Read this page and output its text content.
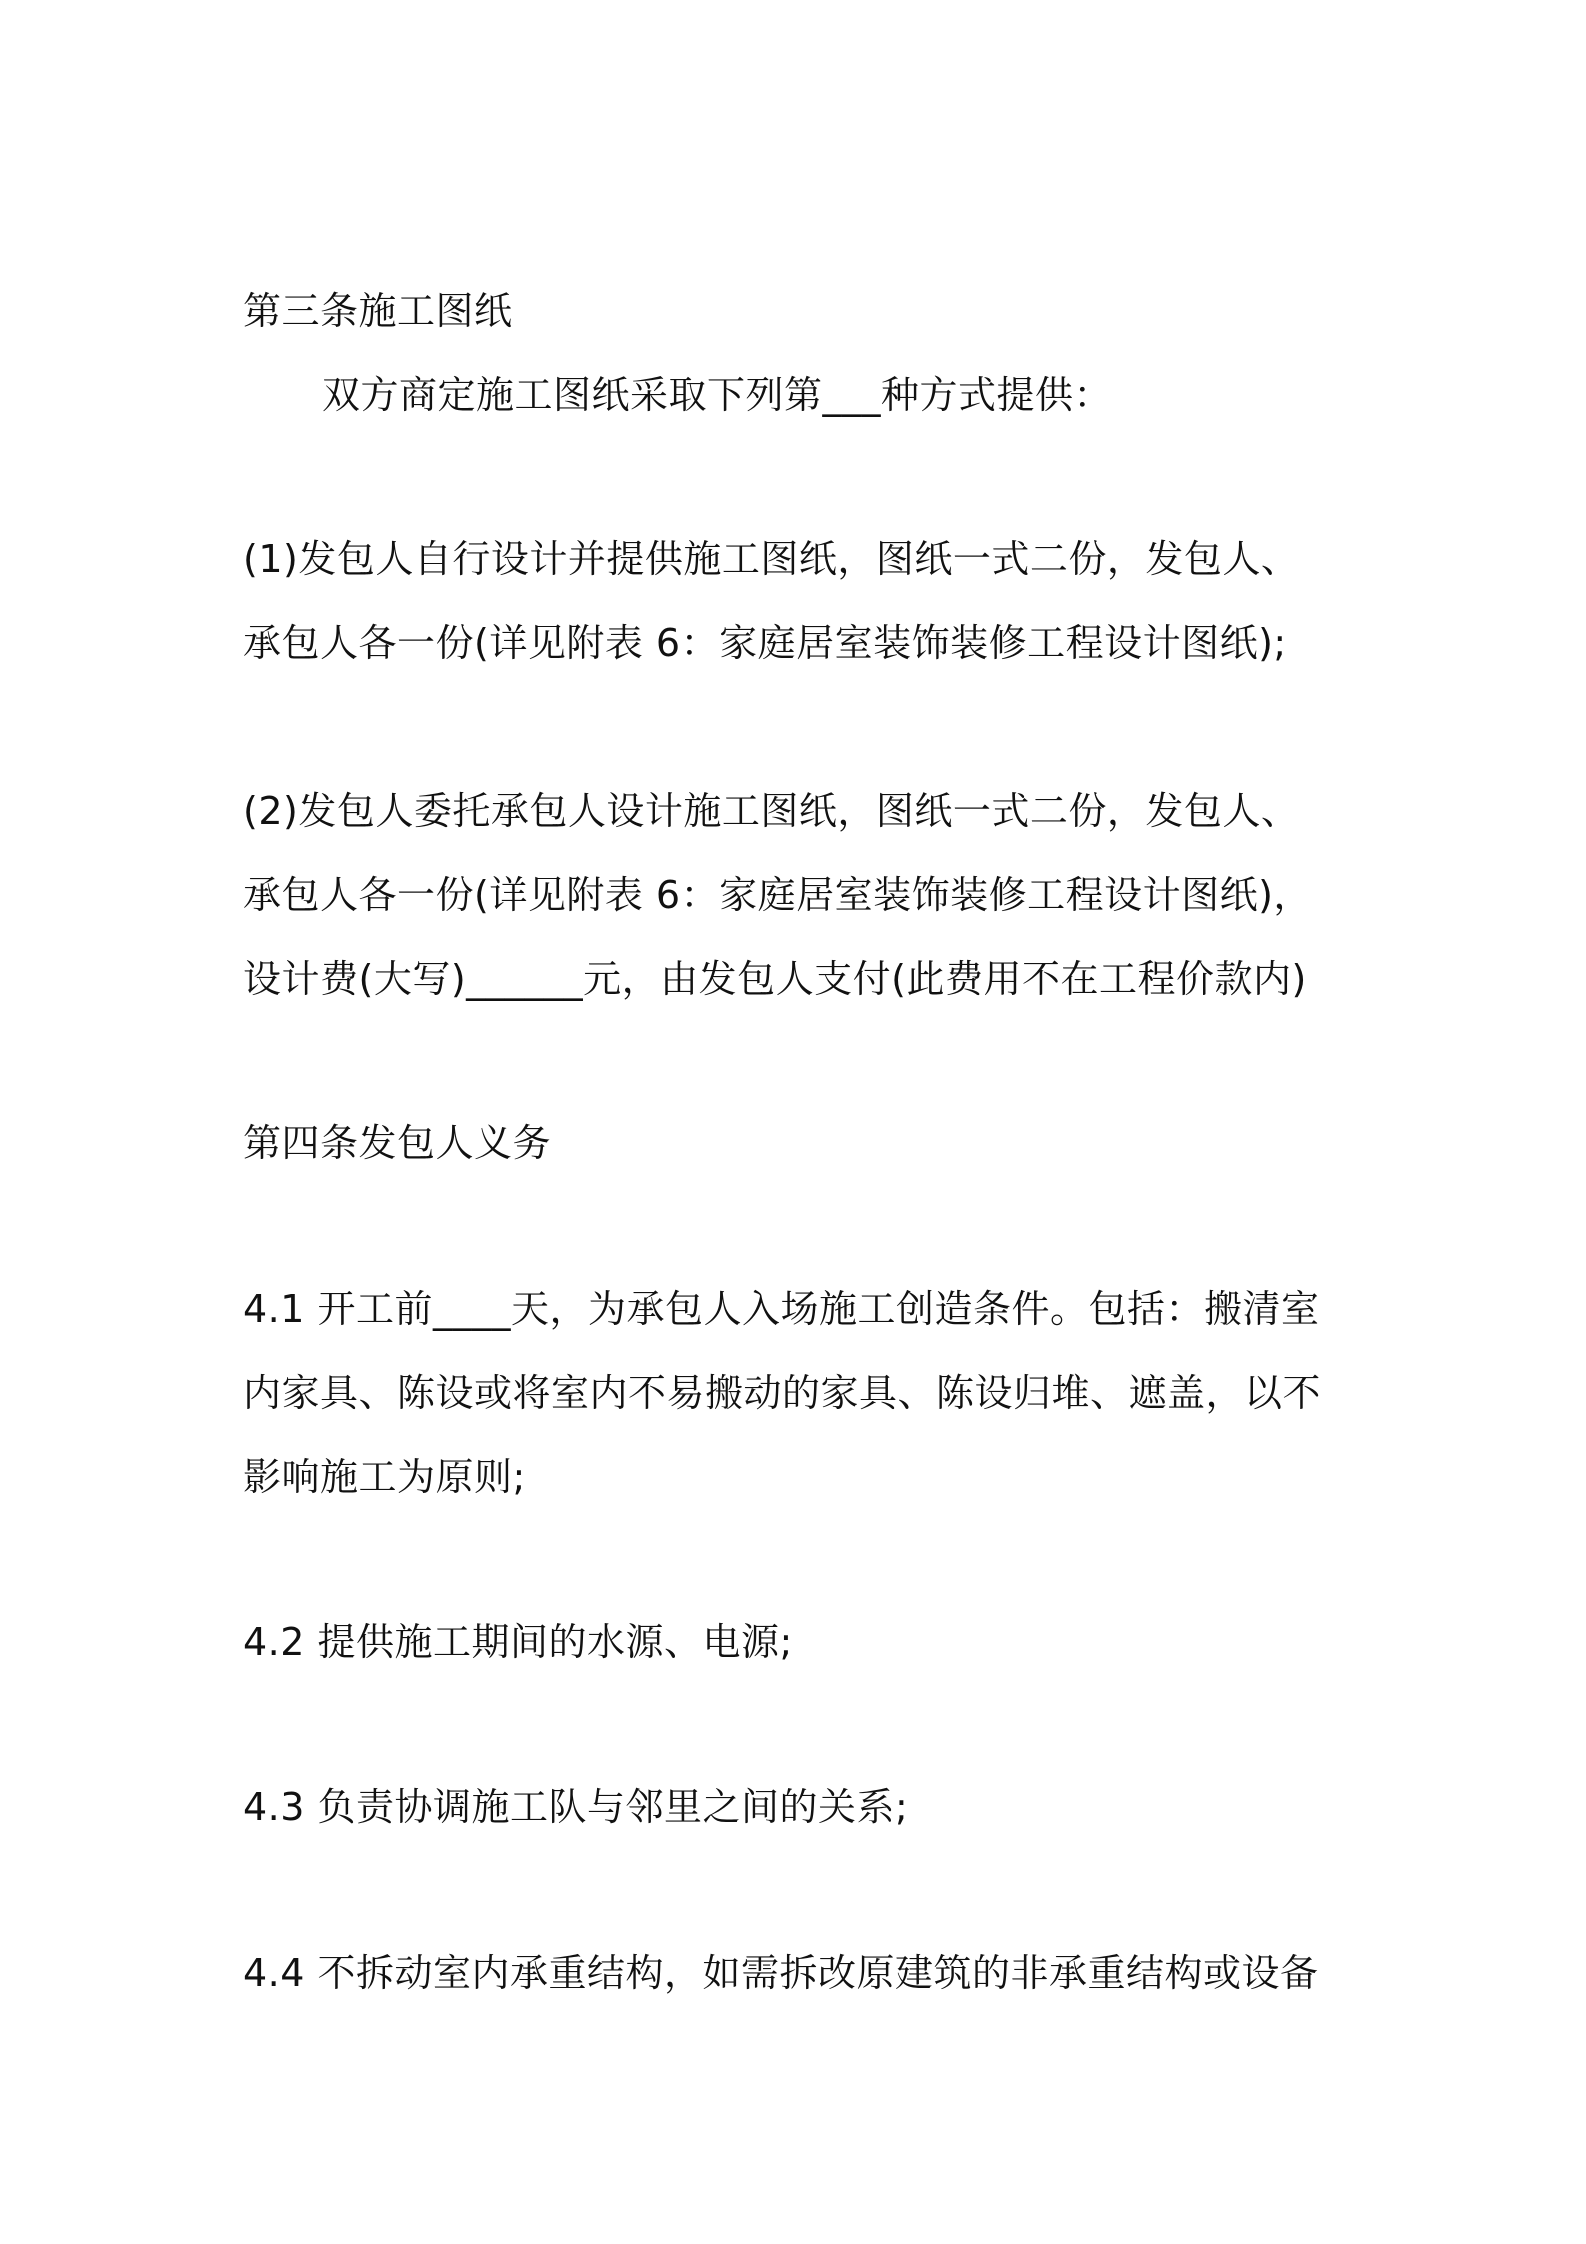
第三条施工图纸
双方商定施工图纸采取下列第___种方式提供：
(1)发包人自行设计并提供施工图纸，图纸一式二份，发包人、
承包人各一份(详见附表 6：家庭居室装饰装修工程设计图纸);
(2)发包人委托承包人设计施工图纸，图纸一式二份，发包人、
承包人各一份(详见附表 6：家庭居室装饰装修工程设计图纸)，
设计费(大写)______元，由发包人支付(此费用不在工程价款内)
第四条发包人义务
4.1 开工前____天，为承包人入场施工创造条件。包括：搬清室
内家具、陈设或将室内不易搬动的家具、陈设归堆、遮盖，以不
影响施工为原则;
4.2 提供施工期间的水源、电源;
4.3 负责协调施工队与邻里之间的关系;
4.4 不拆动室内承重结构，如需拆改原建筑的非承重结构或设备
